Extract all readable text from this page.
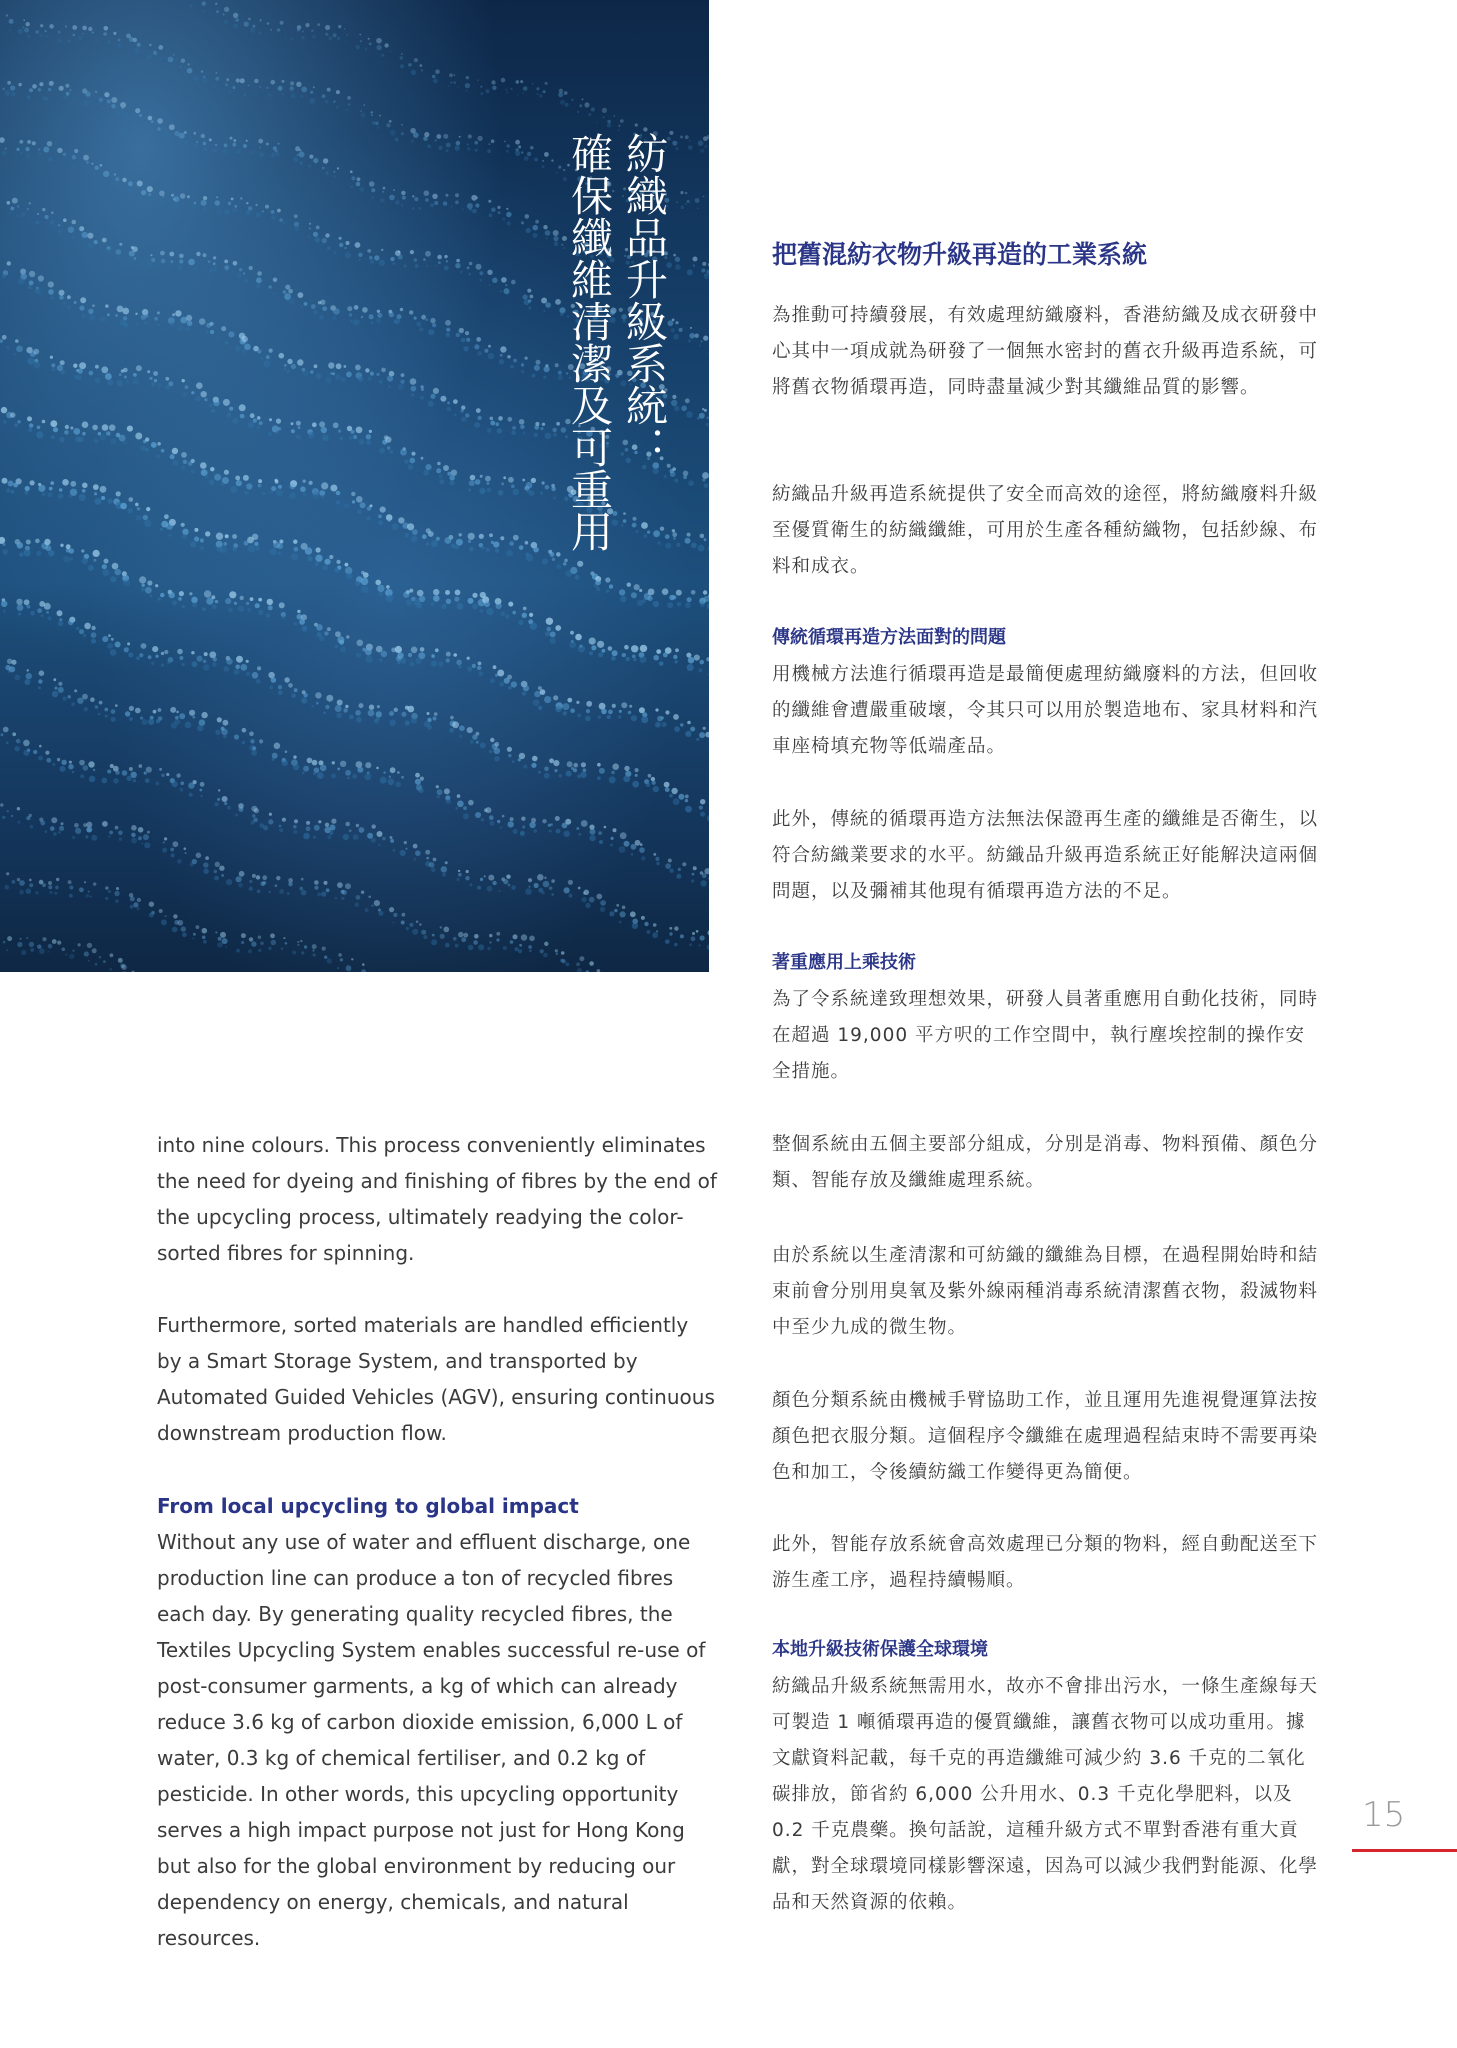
紡織品升級系統：
確保纖維清潔及可重用	把舊混紡衣物升級再造的工業系統

為推動可持續發展，有效處理紡織廢料，香港紡織及成衣研發中心其中一項成就為研發了一個無水密封的舊衣升級再造系統，可將舊衣物循環再造，同時盡量減少對其纖維品質的影響。

紡織品升級再造系統提供了安全而高效的途徑，將紡織廢料升級至優質衛生的紡織纖維，可用於生產各種紡織物，包括紗線、布料和成衣。

傳統循環再造方法面對的問題

用機械方法進行循環再造是最簡便處理紡織廢料的方法，但回收的纖維會遭嚴重破壞，令其只可以用於製造地布、家具材料和汽車座椅填充物等低端產品。

此外，傳統的循環再造方法無法保證再生產的纖維是否衛生，以符合紡織業要求的水平。紡織品升級再造系統正好能解決這兩個問題，以及彌補其他現有循環再造方法的不足。

著重應用上乘技術

為了令系統達致理想效果，研發人員著重應用自動化技術，同時在超過 19,000 平方呎的工作空間中，執行塵埃控制的操作安全措施。

整個系統由五個主要部分組成，分別是消毒、物料預備、顏色分類、智能存放及纖維處理系統。

由於系統以生產清潔和可紡織的纖維為目標，在過程開始時和結束前會分別用臭氧及紫外線兩種消毒系統清潔舊衣物，殺滅物料中至少九成的微生物。

顏色分類系統由機械手臂協助工作，並且運用先進視覺運算法按顏色把衣服分類。這個程序令纖維在處理過程結束時不需要再染色和加工，令後續紡織工作變得更為簡便。

此外，智能存放系統會高效處理已分類的物料，經自動配送至下游生產工序，過程持續暢順。

本地升級技術保護全球環境

紡織品升級系統無需用水，故亦不會排出污水，一條生產線每天可製造 1 噸循環再造的優質纖維，讓舊衣物可以成功重用。據文獻資料記載，每千克的再造纖維可減少約 3.6 千克的二氧化碳排放，節省約 6,000 公升用水、0.3 千克化學肥料，以及 0.2 千克農藥。換句話說，這種升級方式不單對香港有重大貢獻，對全球環境同樣影響深遠，因為可以減少我們對能源、化學品和天然資源的依賴。

into nine colours. This process conveniently eliminates the need for dyeing and finishing of fibres by the end of the upcycling process, ultimately readying the color-sorted fibres for spinning.

Furthermore, sorted materials are handled efficiently by a Smart Storage System, and transported by Automated Guided Vehicles (AGV), ensuring continuous downstream production flow.

From local upcycling to global impact

Without any use of water and effluent discharge, one production line can produce a ton of recycled fibres each day. By generating quality recycled fibres, the Textiles Upcycling System enables successful re-use of post-consumer garments, a kg of which can already reduce 3.6 kg of carbon dioxide emission, 6,000 L of water, 0.3 kg of chemical fertiliser, and 0.2 kg of pesticide. In other words, this upcycling opportunity serves a high impact purpose not just for Hong Kong but also for the global environment by reducing our dependency on energy, chemicals, and natural resources.

15
